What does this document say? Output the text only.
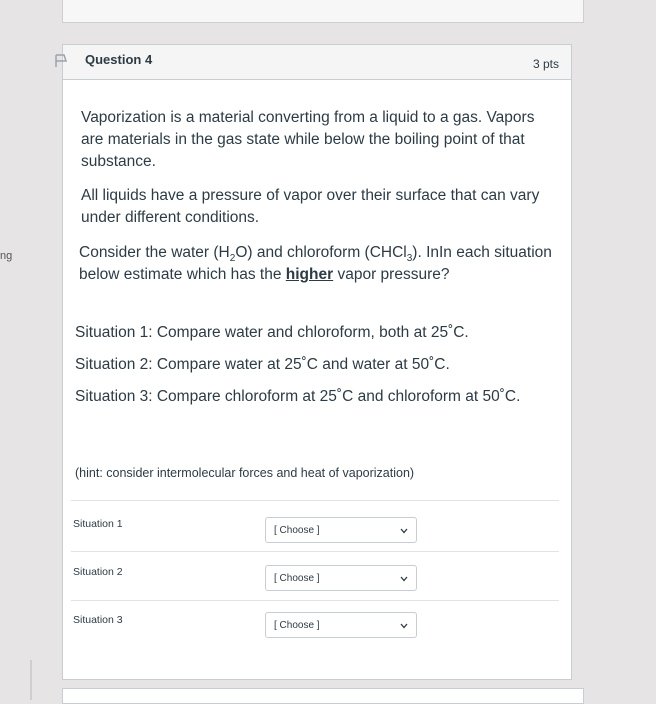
ng
Question 4	3 pts

Vaporization is a material converting from a liquid to a gas. Vapors are materials in the gas state while below the boiling point of that substance.

All liquids have a pressure of vapor over their surface that can vary under different conditions.

Consider the water $(H_2O)$ and chloroform (CHCl$_3$). InIn each situation below estimate which has the higher vapor pressure?

Situation 1: Compare water and chloroform, both at 25˚C.

Situation 2: Compare water at 25˚C and water at 50˚C.

Situation 3: Compare chloroform at 25˚C and chloroform at 50˚C.

(hint: consider intermolecular forces and heat of vaporization)

Situation 1
[ Choose ]
Situation 2
[ Choose ]
Situation 3	[ Choose ]
